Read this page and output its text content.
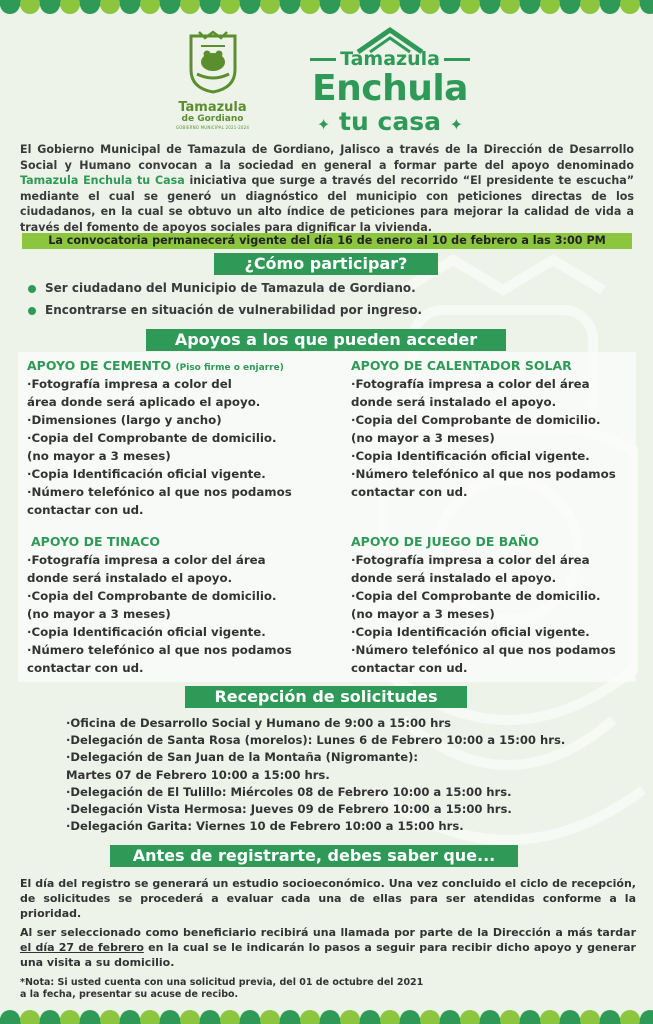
Tamazula
de Gordiano
GOBIERNO MUNICIPAL 2021-2024
Tamazula
Enchula
✦ tu casa ✦
El Gobierno Municipal de Tamazula de Gordiano, Jalisco a través de la Dirección de Desarrollo Social y Humano convocan a la sociedad en general a formar parte del apoyo denominado Tamazula Enchula tu Casa iniciativa que surge a través del recorrido “El presidente te escucha” mediante el cual se generó un diagnóstico del municipio con peticiones directas de los ciudadanos, en la cual se obtuvo un alto índice de peticiones para mejorar la calidad de vida a través del fomento de apoyos sociales para dignificar la vivienda.
La convocatoria permanecerá vigente del día 16 de enero al 10 de febrero a las 3:00 PM
¿Cómo participar?
Ser ciudadano del Municipio de Tamazula de Gordiano.
Encontrarse en situación de vulnerabilidad por ingreso.
Apoyos a los que pueden acceder
APOYO DE CEMENTO (Piso firme o enjarre)
·Fotografía impresa a color del
área donde será aplicado el apoyo.
·Dimensiones (largo y ancho)
·Copia del Comprobante de domicilio.
(no mayor a 3 meses)
·Copia Identificación oficial vigente.
·Número telefónico al que nos podamos
contactar con ud.
APOYO DE CALENTADOR SOLAR
·Fotografía impresa a color del área
donde será instalado el apoyo.
·Copia del Comprobante de domicilio.
(no mayor a 3 meses)
·Copia Identificación oficial vigente.
·Número telefónico al que nos podamos
contactar con ud.
APOYO DE TINACO
·Fotografía impresa a color del área
donde será instalado el apoyo.
·Copia del Comprobante de domicilio.
(no mayor a 3 meses)
·Copia Identificación oficial vigente.
·Número telefónico al que nos podamos
contactar con ud.
APOYO DE JUEGO DE BAÑO
·Fotografía impresa a color del área
donde será instalado el apoyo.
·Copia del Comprobante de domicilio.
(no mayor a 3 meses)
·Copia Identificación oficial vigente.
·Número telefónico al que nos podamos
contactar con ud.
Recepción de solicitudes
·Oficina de Desarrollo Social y Humano de 9:00 a 15:00 hrs
·Delegación de Santa Rosa (morelos): Lunes 6 de Febrero 10:00 a 15:00 hrs.
·Delegación de San Juan de la Montaña (Nigromante):
Martes 07 de Febrero 10:00 a 15:00 hrs.
·Delegación de El Tulillo: Miércoles 08 de Febrero 10:00 a 15:00 hrs.
·Delegación Vista Hermosa: Jueves 09 de Febrero 10:00 a 15:00 hrs.
·Delegación Garita: Viernes 10 de Febrero 10:00 a 15:00 hrs.
Antes de registrarte, debes saber que...

El día del registro se generará un estudio socioeconómico. Una vez concluido el ciclo de recepción, de solicitudes se procederá a evaluar cada una de ellas para ser atendidas conforme a la prioridad.

Al ser seleccionado como beneficiario recibirá una llamada por parte de la Dirección a más tardar el día 27 de febrero en la cual se le indicarán lo pasos a seguir para recibir dicho apoyo y generar una visita a su domicilio.

*Nota: Si usted cuenta con una solicitud previa, del 01 de octubre del 2021
a la fecha, presentar su acuse de recibo.
